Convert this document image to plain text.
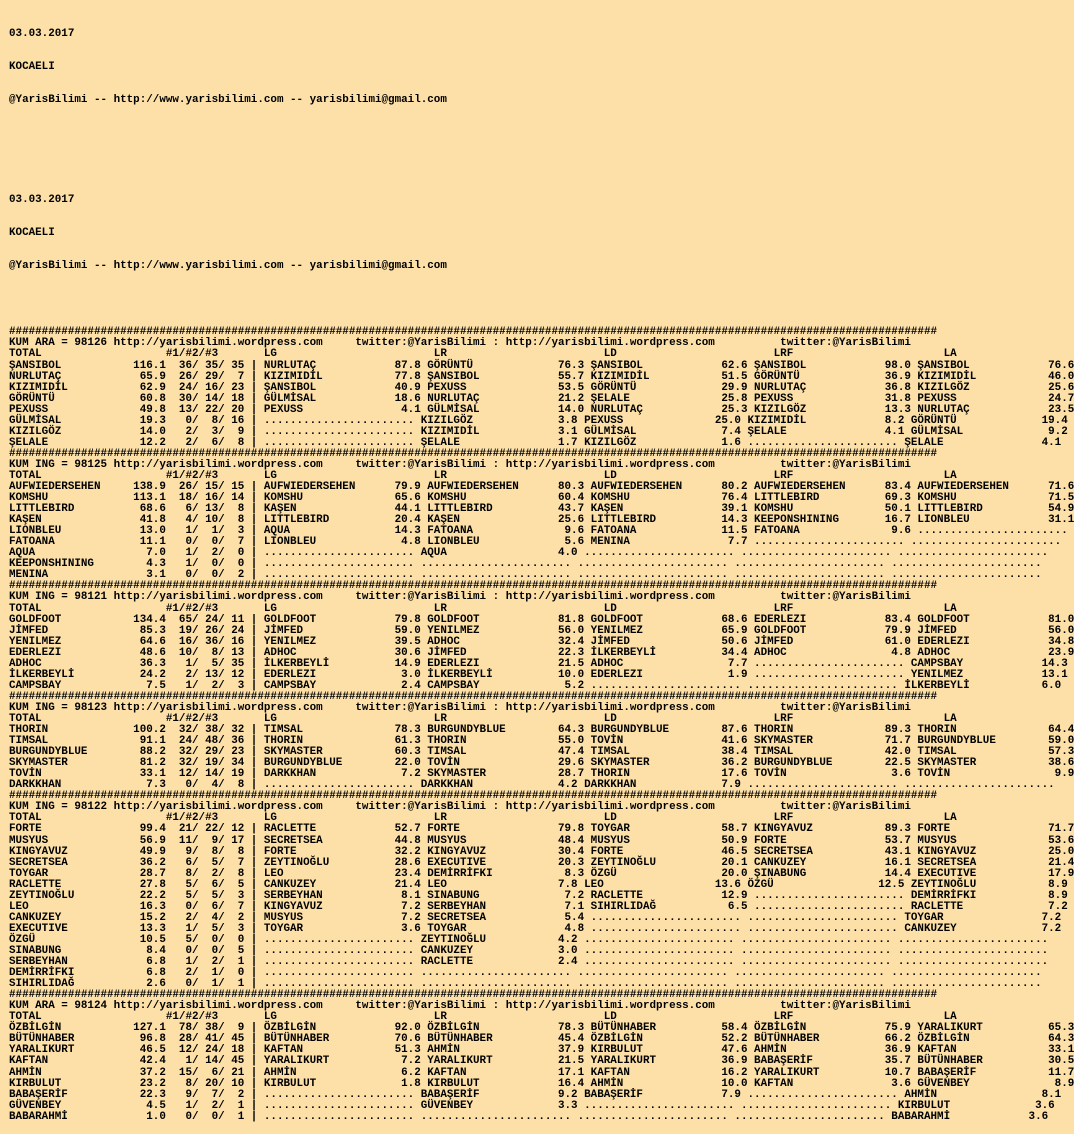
03.03.2017

KOCAELI

@YarisBilimi -- http://www.yarisbilimi.com -- yarisbilimi@gmail.com

03.03.2017

KOCAELI

@YarisBilimi -- http://www.yarisbilimi.com -- yarisbilimi@gmail.com

##############################################################################################################################################
KUM ARA = 98126 http://yarisbilimi.wordpress.com     twitter:@YarisBilimi : http://yarisbilimi.wordpress.com          twitter:@YarisBilimi
TOTAL                   #1/#2/#3       LG                        LR                        LD                        LRF                       LA
ŞANSIBOL           116.1  36/ 35/ 35 | NURLUTAÇ            87.8 GÖRÜNTÜ             76.3 ŞANSIBOL            62.6 ŞANSIBOL            98.0 ŞANSIBOL            76.6
NURLUTAÇ            65.9  26/ 29/  7 | KIZIMIDİL           77.8 ŞANSIBOL            55.7 KIZIMIDİL           51.5 GÖRÜNTÜ             36.9 KIZIMIDİL           46.0
KIZIMIDİL           62.9  24/ 16/ 23 | ŞANSIBOL            40.9 PEXUSS              53.5 GÖRÜNTÜ             29.9 NURLUTAÇ            36.8 KIZILGÖZ            25.6
GÖRÜNTÜ             60.8  30/ 14/ 18 | GÜLMİSAL            18.6 NURLUTAÇ            21.2 ŞELALE              25.8 PEXUSS              31.8 PEXUSS              24.7
PEXUSS              49.8  13/ 22/ 20 | PEXUSS               4.1 GÜLMİSAL            14.0 NURLUTAÇ            25.3 KIZILGÖZ            13.3 NURLUTAÇ            23.5
GÜLMİSAL            19.3   0/  8/ 16 | ....................... KIZILGÖZ             3.8 PEXUSS              25.0 KIZIMIDİL            8.2 GÖRÜNTÜ             19.4
KIZILGÖZ            14.0   2/  3/  9 | ....................... KIZIMIDİL            3.1 GÜLMİSAL             7.4 ŞELALE               4.1 GÜLMİSAL             9.2
ŞELALE              12.2   2/  6/  8 | ....................... ŞELALE               1.7 KIZILGÖZ             1.6 ....................... ŞELALE               4.1
##############################################################################################################################################
KUM ING = 98125 http://yarisbilimi.wordpress.com     twitter:@YarisBilimi : http://yarisbilimi.wordpress.com          twitter:@YarisBilimi
TOTAL                   #1/#2/#3       LG                        LR                        LD                        LRF                       LA
AUFWIEDERSEHEN     138.9  26/ 15/ 15 | AUFWIEDERSEHEN      79.9 AUFWIEDERSEHEN      80.3 AUFWIEDERSEHEN      80.2 AUFWIEDERSEHEN      83.4 AUFWIEDERSEHEN      71.6
KOMSHU             113.1  18/ 16/ 14 | KOMSHU              65.6 KOMSHU              60.4 KOMSHU              76.4 LITTLEBIRD          69.3 KOMSHU              71.5
LITTLEBIRD          68.6   6/ 13/  8 | KAŞEN               44.1 LITTLEBIRD          43.7 KAŞEN               39.1 KOMSHU              50.1 LITTLEBIRD          54.9
KAŞEN               41.8   4/ 10/  8 | LITTLEBIRD          20.4 KAŞEN               25.6 LITTLEBIRD          14.3 KEEPONSHINING       16.7 LIONBLEU            31.1
LIONBLEU            13.0   1/  1/  3 | AQUA                14.3 FATOANA              9.6 FATOANA             11.5 FATOANA              9.6 .......................
FATOANA             11.1   0/  0/  7 | LIONBLEU             4.8 LIONBLEU             5.6 MENINA               7.7 ....................... .......................
AQUA                 7.0   1/  2/  0 | ....................... AQUA                 4.0 ....................... ....................... .......................
KEEPONSHINING        4.3   1/  0/  0 | ....................... ....................... ....................... ....................... .......................
MENINA               3.1   0/  0/  2 | ....................... ....................... ....................... ....................... .......................
##############################################################################################################################################
KUM ING = 98121 http://yarisbilimi.wordpress.com     twitter:@YarisBilimi : http://yarisbilimi.wordpress.com          twitter:@YarisBilimi
TOTAL                   #1/#2/#3       LG                        LR                        LD                        LRF                       LA
GOLDFOOT           134.4  65/ 24/ 11 | GOLDFOOT            79.8 GOLDFOOT            81.8 GOLDFOOT            68.6 EDERLEZI            83.4 GOLDFOOT            81.0
JİMFED              85.3  19/ 26/ 24 | JİMFED              59.0 YENILMEZ            56.0 YENILMEZ            65.9 GOLDFOOT            79.9 JİMFED              56.0
YENILMEZ            64.6  16/ 36/ 16 | YENILMEZ            39.5 ADHOC               32.4 JİMFED              50.6 JİMFED              61.0 EDERLEZI            34.8
EDERLEZI            48.6  10/  8/ 13 | ADHOC               30.6 JİMFED              22.3 İLKERBEYLİ          34.4 ADHOC                4.8 ADHOC               23.9
ADHOC               36.3   1/  5/ 35 | İLKERBEYLİ          14.9 EDERLEZI            21.5 ADHOC                7.7 ....................... CAMPSBAY            14.3
İLKERBEYLİ          24.2   2/ 13/ 12 | EDERLEZI             3.0 İLKERBEYLİ          10.0 EDERLEZI             1.9 ....................... YENILMEZ            13.1
CAMPSBAY             7.5   1/  2/  3 | CAMPSBAY             2.4 CAMPSBAY             5.2 ....................... ....................... İLKERBEYLİ           6.0
##############################################################################################################################################
KUM ING = 98123 http://yarisbilimi.wordpress.com     twitter:@YarisBilimi : http://yarisbilimi.wordpress.com          twitter:@YarisBilimi
TOTAL                   #1/#2/#3       LG                        LR                        LD                        LRF                       LA
THORIN             100.2  32/ 38/ 32 | TIMSAL              78.3 BURGUNDYBLUE        64.3 BURGUNDYBLUE        87.6 THORIN              89.3 THORIN              64.4
TIMSAL              91.1  24/ 48/ 36 | THORIN              61.3 THORIN              55.0 TOVİN               41.6 SKYMASTER           71.7 BURGUNDYBLUE        59.0
BURGUNDYBLUE        88.2  32/ 29/ 23 | SKYMASTER           60.3 TIMSAL              47.4 TIMSAL              38.4 TIMSAL              42.0 TIMSAL              57.3
SKYMASTER           81.2  32/ 19/ 34 | BURGUNDYBLUE        22.0 TOVİN               29.6 SKYMASTER           36.2 BURGUNDYBLUE        22.5 SKYMASTER           38.6
TOVİN               33.1  12/ 14/ 19 | DARKKHAN             7.2 SKYMASTER           28.7 THORIN              17.6 TOVİN                3.6 TOVİN                9.9
DARKKHAN             7.3   0/  4/  8 | ....................... DARKKHAN             4.2 DARKKHAN             7.9 ....................... .......................
##############################################################################################################################################
KUM ING = 98122 http://yarisbilimi.wordpress.com     twitter:@YarisBilimi : http://yarisbilimi.wordpress.com          twitter:@YarisBilimi
TOTAL                   #1/#2/#3       LG                        LR                        LD                        LRF                       LA
FORTE               99.4  21/ 22/ 12 | RACLETTE            52.7 FORTE               79.8 TOYGAR              58.7 KINGYAVUZ           89.3 FORTE               71.7
MUSYUS              56.9  11/  9/ 17 | SECRETSEA           44.8 MUSYUS              48.4 MUSYUS              50.9 FORTE               53.7 MUSYUS              53.6
KINGYAVUZ           49.9   9/  8/  8 | FORTE               32.2 KINGYAVUZ           30.4 FORTE               46.5 SECRETSEA           43.1 KINGYAVUZ           25.0
SECRETSEA           36.2   6/  5/  7 | ZEYTINOĞLU          28.6 EXECUTIVE           20.3 ZEYTINOĞLU          20.1 CANKUZEY            16.1 SECRETSEA           21.4
TOYGAR              28.7   8/  2/  8 | LEO                 23.4 DEMİRRİFKI           8.3 ÖZGÜ                20.0 ŞINABUNG            14.4 EXECUTIVE           17.9
RACLETTE            27.8   5/  6/  5 | CANKUZEY            21.4 LEO                 7.8 LEO                 13.6 ÖZGÜ                12.5 ZEYTINOĞLU           8.9
ZEYTINOĞLU          22.2   5/  5/  3 | SERBEYHAN            8.1 SINABUNG             7.2 RACLETTE            12.9 ....................... DEMİRRİFKI           8.9
LEO                 16.3   0/  6/  7 | KINGYAVUZ            7.2 SERBEYHAN            7.1 SIHIRLIDAĞ           6.5 ....................... RACLETTE             7.2
CANKUZEY            15.2   2/  4/  2 | MUSYUS               7.2 SECRETSEA            5.4 ....................... ....................... TOYGAR               7.2
EXECUTIVE           13.3   1/  5/  3 | TOYGAR               3.6 TOYGAR               4.8 ....................... ....................... CANKUZEY             7.2
ÖZGÜ                10.5   5/  0/  0 | ....................... ZEYTINOĞLU           4.2 ....................... ....................... .......................
SINABUNG             8.4   0/  0/  5 | ....................... CANKUZEY             3.0 ....................... ....................... .......................
SERBEYHAN            6.8   1/  2/  1 | ....................... RACLETTE             2.4 ....................... ....................... .......................
DEMİRRİFKI           6.8   2/  1/  0 | ....................... ....................... ....................... ....................... .......................
SIHIRLIDAĞ           2.6   0/  1/  1 | ....................... ....................... ....................... ....................... .......................
##############################################################################################################################################
KUM ARA = 98124 http://yarisbilimi.wordpress.com     twitter:@YarisBilimi : http://yarisbilimi.wordpress.com          twitter:@YarisBilimi
TOTAL                   #1/#2/#3       LG                        LR                        LD                        LRF                       LA
ÖZBİLGİN           127.1  78/ 38/  9 | ÖZBİLGİN            92.0 ÖZBİLGİN            78.3 BÜTÜNHABER          58.4 ÖZBİLGİN            75.9 YARALIKURT          65.3
BÜTÜNHABER          96.8  28/ 41/ 45 | BÜTÜNHABER          70.6 BÜTÜNHABER          45.4 ÖZBİLGİN            52.2 BÜTÜNHABER          66.2 ÖZBİLGİN            64.3
YARALIKURT          46.5  12/ 24/ 18 | KAFTAN              51.3 AHMİN               37.9 KIRBULUT            47.6 AHMİN               36.9 KAFTAN              33.1
KAFTAN              42.4   1/ 14/ 45 | YARALIKURT           7.2 YARALIKURT          21.5 YARALIKURT          36.9 BABAŞERİF           35.7 BÜTÜNHABER          30.5
AHMİN               37.2  15/  6/ 21 | AHMİN                6.2 KAFTAN              17.1 KAFTAN              16.2 YARALIKURT          10.7 BABAŞERİF           11.7
KIRBULUT            23.2   8/ 20/ 10 | KIRBULUT             1.8 KIRBULUT            16.4 AHMİN               10.0 KAFTAN               3.6 GÜVENBEY             8.9
BABAŞERİF           22.3   9/  7/  2 | ....................... BABAŞERİF            9.2 BABAŞERİF            7.9 ....................... AHMİN                8.1
GÜVENBEY             4.5   1/  2/  1 | ....................... GÜVENBEY             3.3 ....................... ....................... KIRBULUT             3.6
BABARAHMİ            1.0   0/  0/  1 | ....................... ....................... ....................... ....................... BABARAHMİ            3.6
